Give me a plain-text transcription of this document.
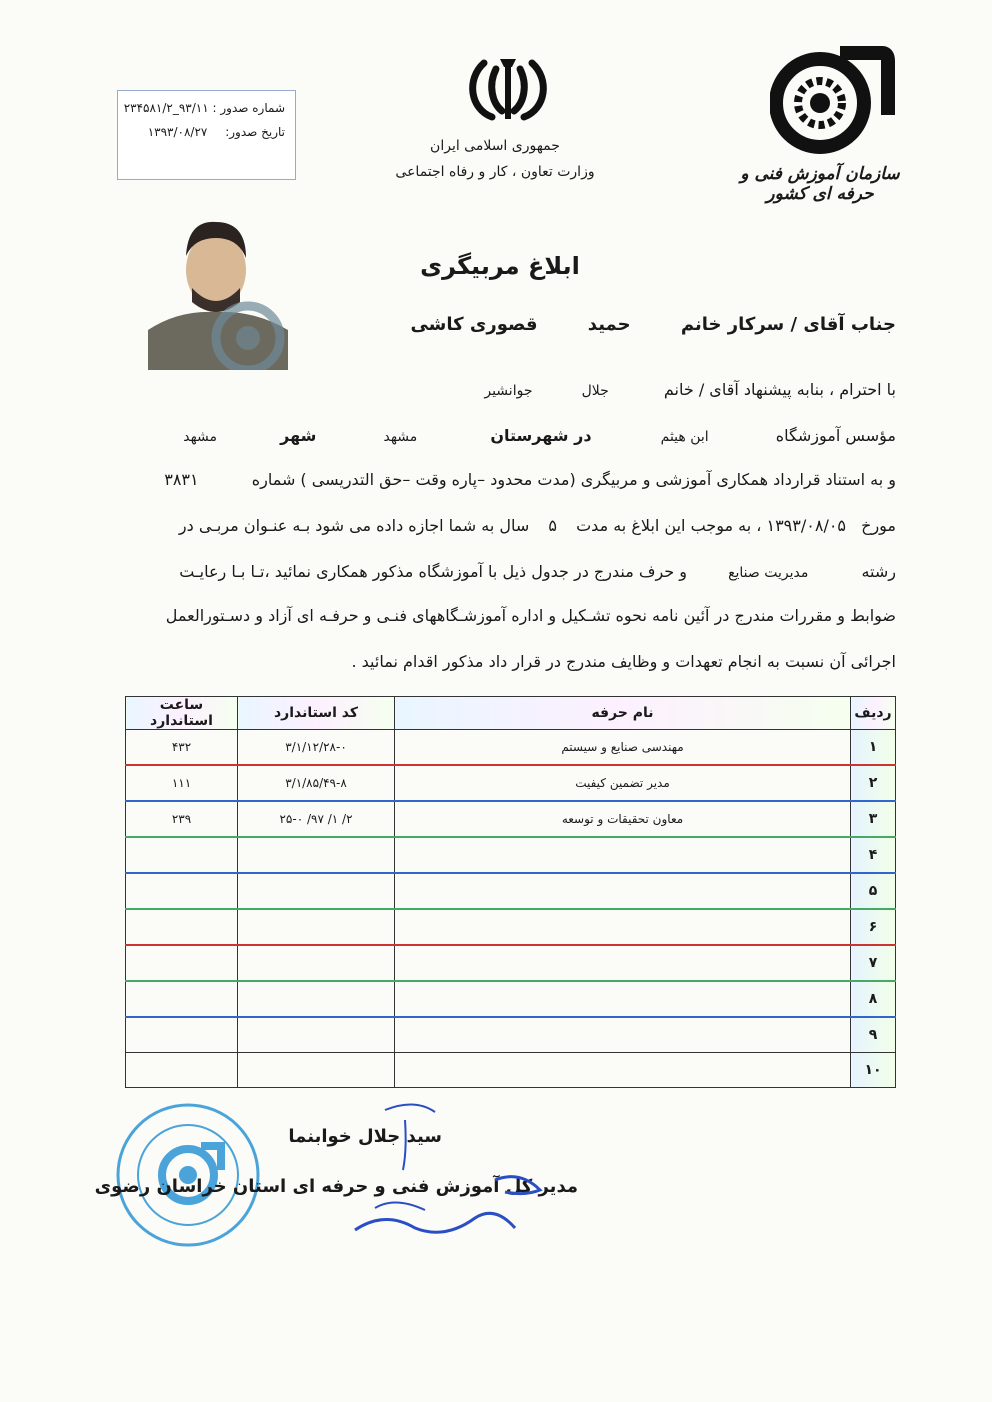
جمهوری اسلامی ایران
وزارت تعاون ، کار و رفاه اجتماعی	سازمان آموزش فنی و حرفه ای کشور
شماره صدور : ۹۳/۱۱_۲۳۴۵۸۱/۲
تاریخ صدور: ۱۳۹۳/۰۸/۲۷
ابلاغ مربیگری
جناب آقای / سرکار خانم حمید قصوری کاشی
با احترام ، بنابه پیشنهاد آقای / خانم جلال جوانشیر
مؤسس آموزشگاه ابن هیثم در شهرستان مشهد شهر مشهد
و به استناد قرارداد همکاری آموزشی و مربیگری (مدت محدود –پاره وقت –حق التدریسی ) شماره ۳۸۳۱
مورخ ۱۳۹۳/۰۸/۰۵ ، به موجب این ابلاغ به مدت ۵ سال به شما اجازه داده می شود بـه عنـوان مربـی در
رشته مدیریت صنایع و حرف مندرج در جدول ذیل با آموزشگاه مذکور همکاری نمائید ،تـا بـا رعایـت
ضوابط و مقررات مندرج در آئین نامه نحوه تشـکیل و اداره آموزشـگاههای فنـی و حرفـه ای آزاد و دسـتورالعمل
اجرائی آن نسبت به انجام تعهدات و وظایف مندرج در قرار داد مذکور اقدام نمائید .
ردیف	نام حرفه	کد استاندارد	ساعت استاندارد
۱	مهندسی صنایع و سیستم	۳/۱/۱۲/۲۸-۰	۴۳۲
۲	مدیر تضمین کیفیت	۳/۱/۸۵/۴۹-۸	۱۱۱
۳	معاون تحقیقات و توسعه	۲/ ۱/ ۹۷/ ۲۵-۰	۲۳۹
۴			
۵			
۶			
۷			
۸			
۹			
۱۰			
سید جلال خوابنما
مدیر کل آموزش فنی و حرفه ای استان خراسان رضوی
